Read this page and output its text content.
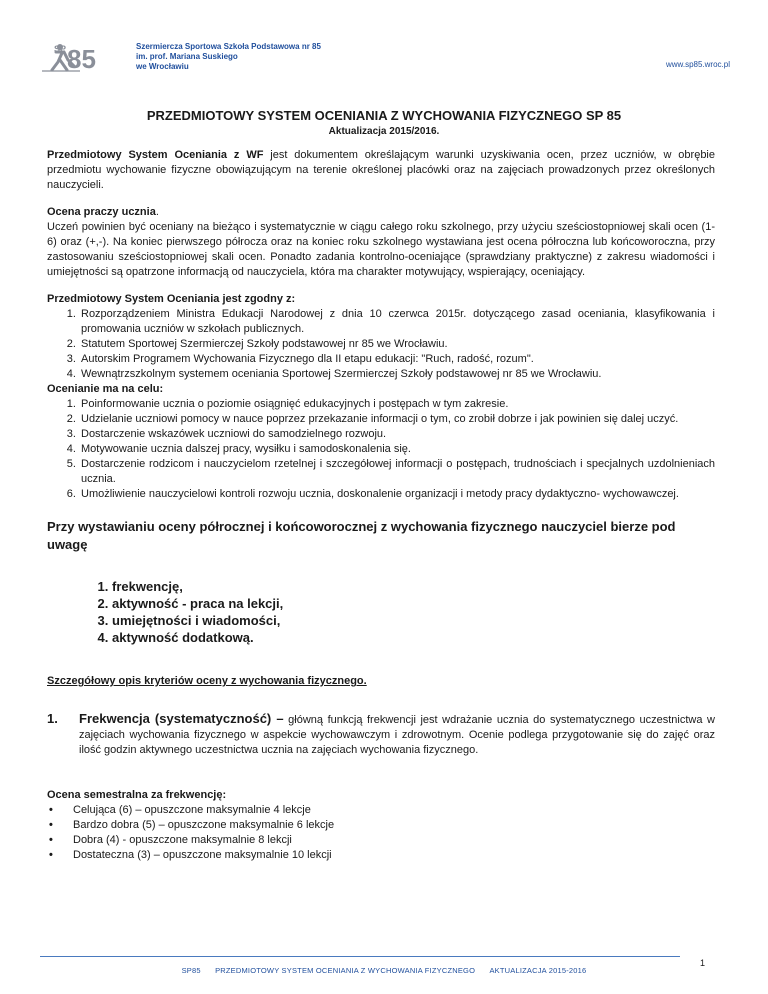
SP 85	Szermiercza Sportowa Szkoła Podstawowa nr 85
im. prof. Mariana Suskiego
we Wrocławiu	www.sp85.wroc.pl
PRZEDMIOTOWY SYSTEM OCENIANIA Z WYCHOWANIA FIZYCZNEGO SP 85
Aktualizacja 2015/2016.

Przedmiotowy System Oceniania z WF jest dokumentem określającym warunki uzyskiwania ocen, przez uczniów, w obrębie przedmiotu wychowanie fizyczne obowiązującym na terenie określonej placówki oraz na zajęciach prowadzonych przez określonych nauczycieli.

Ocena praczy ucznia.

Uczeń powinien być oceniany na bieżąco i systematycznie w ciągu całego roku szkolnego, przy użyciu sześciostopniowej skali ocen (1-6) oraz (+,-). Na koniec pierwszego półrocza oraz na koniec roku szkolnego wystawiana jest ocena półroczna lub końcoworoczna, przy zastosowaniu sześciostopniowej skali ocen. Ponadto zadania kontrolno-oceniające (sprawdziany praktyczne) z zakresu wiadomości i umiejętności są opatrzone informacją od nauczyciela, która ma charakter motywujący, wspierający, oceniający.

Przedmiotowy System Oceniania jest zgodny z:

1. Rozporządzeniem Ministra Edukacji Narodowej z dnia 10 czerwca 2015r. dotyczącego zasad oceniania, klasyfikowania i promowania uczniów w szkołach publicznych.
2. Statutem Sportowej Szermierczej Szkoły podstawowej nr 85 we Wrocławiu.
3. Autorskim Programem Wychowania Fizycznego dla II etapu edukacji: "Ruch, radość, rozum".
4. Wewnątrzszkolnym systemem oceniania Sportowej Szermierczej Szkoły podstawowej nr 85 we Wrocławiu.

Ocenianie ma na celu:

1. Poinformowanie ucznia o poziomie osiągnięć edukacyjnych i postępach w tym zakresie.
2. Udzielanie uczniowi pomocy w nauce poprzez przekazanie informacji o tym, co zrobił dobrze i jak powinien się dalej uczyć.
3. Dostarczenie wskazówek uczniowi do samodzielnego rozwoju.
4. Motywowanie ucznia dalszej pracy, wysiłku i samodoskonalenia się.
5. Dostarczenie rodzicom i nauczycielom rzetelnej i szczegółowej informacji o postępach, trudnościach i specjalnych uzdolnieniach ucznia.
6. Umożliwienie nauczycielowi kontroli rozwoju ucznia, doskonalenie organizacji i metody pracy dydaktyczno- wychowawczej.

Przy wystawianiu oceny półrocznej i końcoworocznej z wychowania fizycznego nauczyciel bierze pod uwagę

1. frekwencję,
2. aktywność - praca na lekcji,
3. umiejętności i wiadomości,
4. aktywność dodatkową.

Szczegółowy opis kryteriów oceny z wychowania fizycznego.

1. Frekwencja (systematyczność) – główną funkcją frekwencji jest wdrażanie ucznia do systematycznego uczestnictwa w zajęciach wychowania fizycznego w aspekcie wychowawczym i zdrowotnym. Ocenie podlega przygotowanie się do zajęć oraz ilość godzin aktywnego uczestnictwa ucznia na zajęciach wychowania fizycznego.

Ocena semestralna za frekwencję:

• Celująca (6) – opuszczone maksymalnie 4 lekcje
• Bardzo dobra (5) – opuszczone maksymalnie 6 lekcje
• Dobra (4) - opuszczone maksymalnie 8 lekcji
• Dostateczna (3) – opuszczone maksymalnie 10 lekcji
SP85 PRZEDMIOTOWY SYSTEM OCENIANIA Z WYCHOWANIA FIZYCZNEGO AKTUALIZACJA 2015-2016
1
